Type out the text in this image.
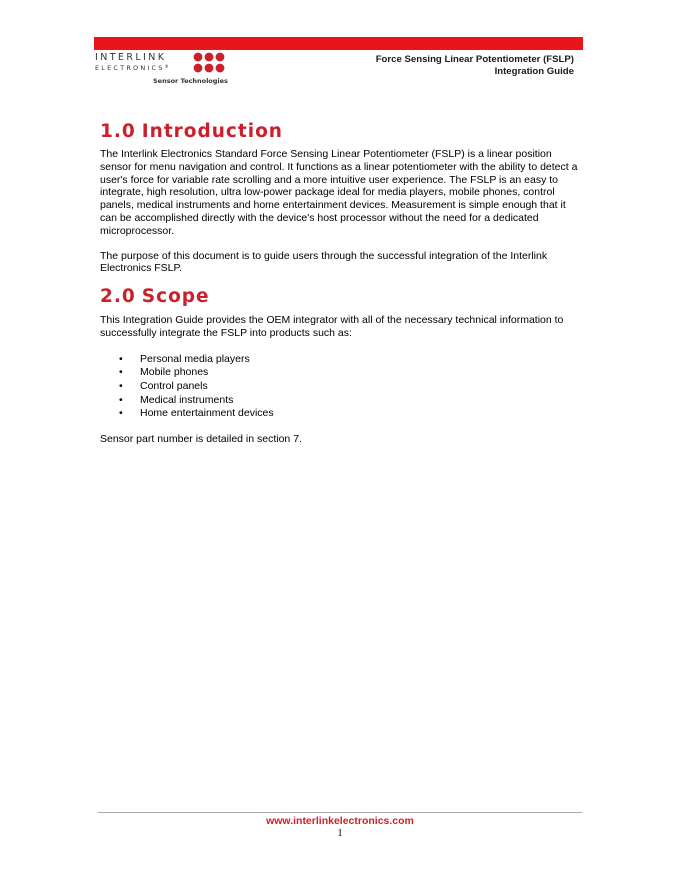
INTERLINK
ELECTRONICS®
Sensor Technologies
Force Sensing Linear Potentiometer (FSLP)
Integration Guide
1.0 Introduction

The Interlink Electronics Standard Force Sensing Linear Potentiometer (FSLP) is a linear position sensor for menu navigation and control. It functions as a linear potentiometer with the ability to detect a user's force for variable rate scrolling and a more intuitive user experience. The FSLP is an easy to integrate, high resolution, ultra low-power package ideal for media players, mobile phones, control panels, medical instruments and home entertainment devices. Measurement is simple enough that it can be accomplished directly with the device's host processor without the need for a dedicated microprocessor.

The purpose of this document is to guide users through the successful integration of the Interlink Electronics FSLP.

2.0 Scope

This Integration Guide provides the OEM integrator with all of the necessary technical information to successfully integrate the FSLP into products such as:

• Personal media players
• Mobile phones
• Control panels
• Medical instruments
• Home entertainment devices

Sensor part number is detailed in section 7.

www.interlinkelectronics.com
1
